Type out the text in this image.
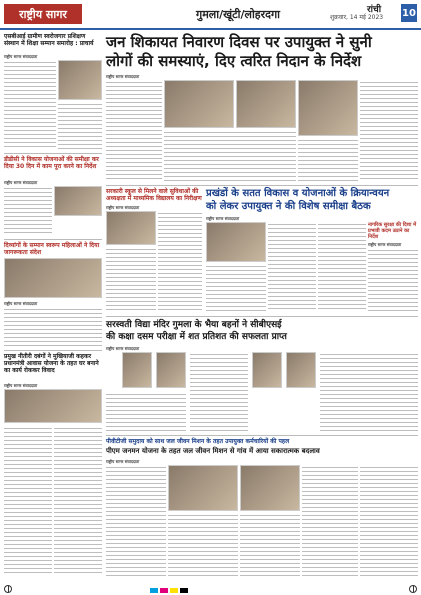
राष्ट्रीय सागर	गुमला/खूंटी/लोहरदगा	रांची
शुक्रवार, 14 मई 2023 10
एसबीआई ग्रामीण स्वरोजगार प्रशिक्षण संस्थान में शिक्षा सम्मान समारोह : प्राचार्य
राष्ट्रीय सागर संवाददाता
डीडीसी ने विकास योजनाओं की समीक्षा कर दिया 30 दिन में काम पूरा करने का निर्देश
राष्ट्रीय सागर संवाददाता
दिव्यांगों के सम्मान स्वरूप महिलाओं ने दिया जागरूकता संदेश
राष्ट्रीय सागर संवाददाता
जन शिकायत निवारण दिवस पर उपायुक्त ने सुनी
लोगों की समस्याएं, दिए त्वरित निदान के निर्देश
राष्ट्रीय सागर संवाददाता
सरकारी स्कूल से मिलने वाले सुविधाओं की अध्यक्षता में माध्यमिक विद्यालय का निरीक्षण
राष्ट्रीय सागर संवाददाता
प्रखंडों के सतत विकास व योजनाओं के क्रियान्वयन
को लेकर उपायुक्त ने की विशेष समीक्षा बैठक
राष्ट्रीय सागर संवाददाता
नागरिक सुरक्षा की दिशा में प्रभावी कदम उठाने का निर्देश
राष्ट्रीय सागर संवाददाता
सरस्वती विद्या मंदिर गुमला के भैया बहनों ने सीबीएसई
की कक्षा दसम परीक्षा में शत प्रतिशत की सफलता प्राप्त
राष्ट्रीय सागर संवाददाता
प्रमुख नीतीरी दबंगों ने मुखियाजी कहकर प्रधानमंत्री आवास योजना के तहत घर बनाने का कार्य रोककर विवाद
राष्ट्रीय सागर संवाददाता
पीवीटीजी समुदाय को साथ जल जीवन मिशन के तहत उपायुक्त कर्मचारियों की पहल
पीएम जनमन योजना के तहत जल जीवन मिशन से गांव में आया सकारात्मक बदलाव
राष्ट्रीय सागर संवाददाता
